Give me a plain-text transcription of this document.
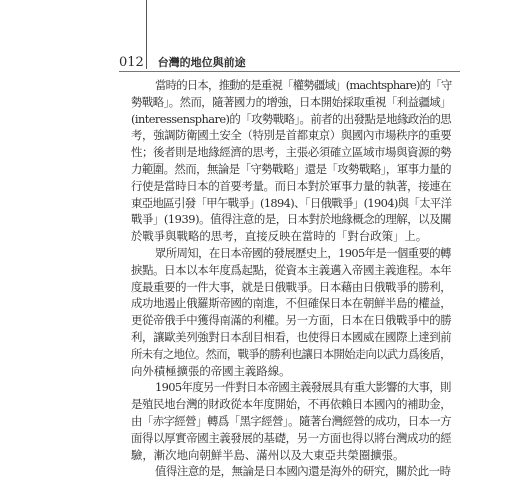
012 台灣的地位與前途
當時的日本，推動的是重視「權勢疆域」(machtsphare)的「守
勢戰略」。然而，隨著國力的增強，日本開始採取重視「利益疆域」
(interessensphare)的「攻勢戰略」。前者的出發點是地緣政治的思
考，強調防衛國土安全（特別是首都東京）與國內市場秩序的重要
性；後者則是地緣經濟的思考，主張必須確立區域市場與資源的勢
力範圍。然而，無論是「守勢戰略」還是「攻勢戰略」，軍事力量的
行使是當時日本的首要考量。而日本對於軍事力量的執著，接連在
東亞地區引發「甲午戰爭」(1894)、「日俄戰爭」(1904)與「太平洋
戰爭」(1939)。值得注意的是，日本對於地緣概念的理解，以及關
於戰爭與戰略的思考，直接反映在當時的「對台政策」上。
眾所周知，在日本帝國的發展歷史上，1905年是一個重要的轉
捩點。日本以本年度爲起點，從資本主義邁入帝國主義進程。本年
度最重要的一件大事，就是日俄戰爭。日本藉由日俄戰爭的勝利，
成功地遏止俄羅斯帝國的南進，不但確保日本在朝鮮半島的權益，
更從帝俄手中獲得南滿的利權。另一方面，日本在日俄戰爭中的勝
利，讓歐美列強對日本刮目相看，也使得日本國威在國際上達到前
所未有之地位。然而，戰爭的勝利也讓日本開始走向以武力爲後盾，
向外積極擴張的帝國主義路線。
1905年度另一件對日本帝國主義發展具有重大影響的大事，則
是殖民地台灣的財政從本年度開始，不再依賴日本國內的補助金，
由「赤字經營」轉爲「黑字經營」。隨著台灣經營的成功，日本一方
面得以厚實帝國主義發展的基礎，另一方面也得以將台灣成功的經
驗，漸次地向朝鮮半島、滿州以及大東亞共榮圈擴張。
值得注意的是，無論是日本國內還是海外的研究，關於此一時
